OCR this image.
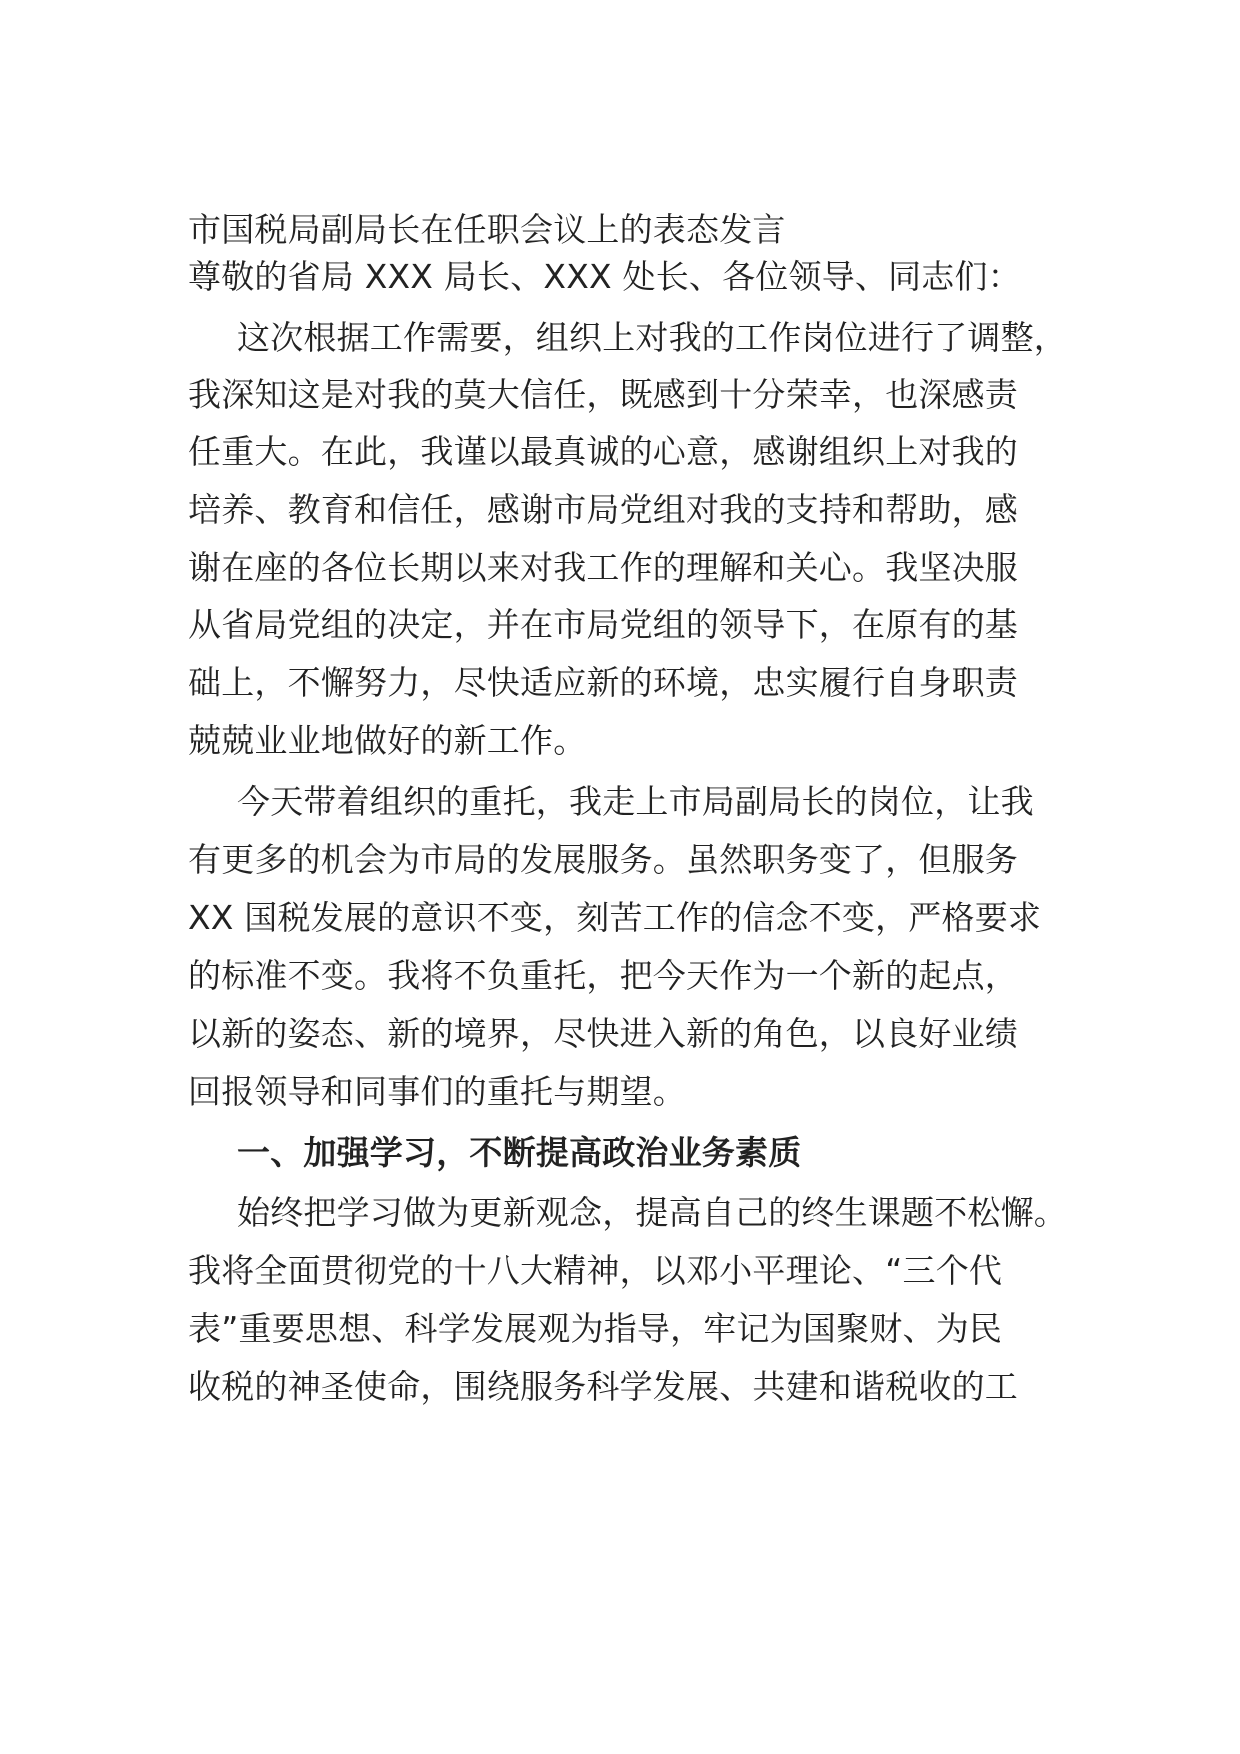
市国税局副局长在任职会议上的表态发言
尊敬的省局 XXX 局长、XXX 处长、各位领导、同志们：
这次根据工作需要，组织上对我的工作岗位进行了调整，
我深知这是对我的莫大信任，既感到十分荣幸，也深感责
任重大。在此，我谨以最真诚的心意，感谢组织上对我的
培养、教育和信任，感谢市局党组对我的支持和帮助，感
谢在座的各位长期以来对我工作的理解和关心。我坚决服
从省局党组的决定，并在市局党组的领导下，在原有的基
础上，不懈努力，尽快适应新的环境，忠实履行自身职责
兢兢业业地做好的新工作。
今天带着组织的重托，我走上市局副局长的岗位，让我
有更多的机会为市局的发展服务。虽然职务变了，但服务
XX 国税发展的意识不变，刻苦工作的信念不变，严格要求
的标准不变。我将不负重托，把今天作为一个新的起点，
以新的姿态、新的境界，尽快进入新的角色，以良好业绩
回报领导和同事们的重托与期望。
一、加强学习，不断提高政治业务素质
始终把学习做为更新观念，提高自己的终生课题不松懈。
我将全面贯彻党的十八大精神，以邓小平理论、“三个代
表”重要思想、科学发展观为指导，牢记为国聚财、为民
收税的神圣使命，围绕服务科学发展、共建和谐税收的工
